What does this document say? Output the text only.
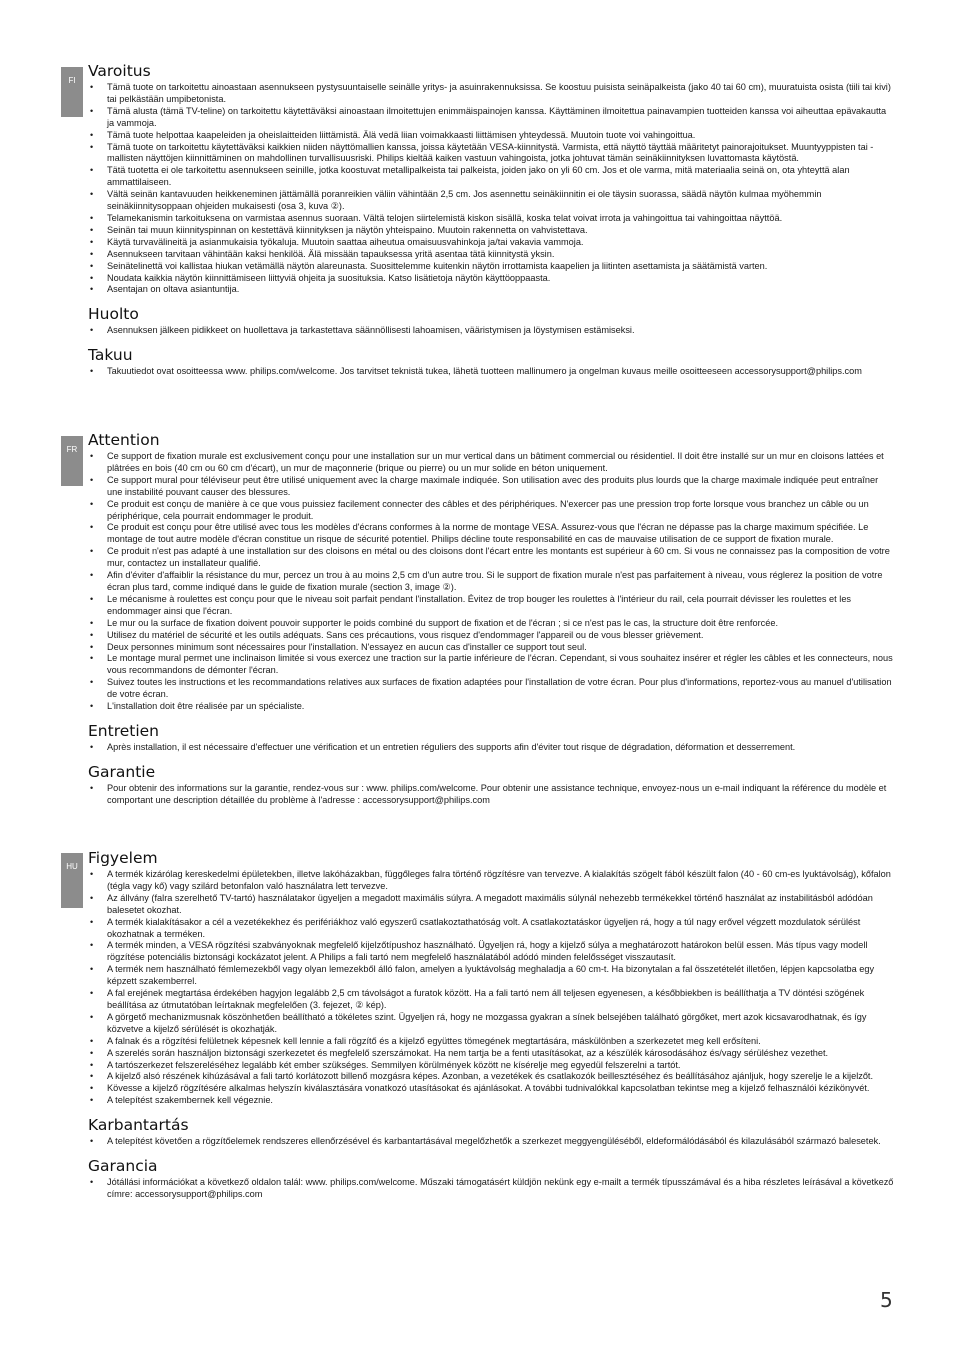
FI
Varoitus
• Tämä tuote on tarkoitettu ainoastaan asennukseen pystysuuntaiselle seinälle yritys- ja asuinrakennuksissa. Se koostuu puisista seinäpalkeista (jako 40 tai 60 cm), muuratuista osista (tiili tai kivi) tai pelkästään umpibetonista.
• Tämä alusta (tämä TV-teline) on tarkoitettu käytettäväksi ainoastaan ilmoitettujen enimmäispainojen kanssa. Käyttäminen ilmoitettua painavampien tuotteiden kanssa voi aiheuttaa epävakautta ja vammoja.
• Tämä tuote helpottaa kaapeleiden ja oheislaitteiden liittämistä. Älä vedä liian voimakkaasti liittämisen yhteydessä. Muutoin tuote voi vahingoittua.
• Tämä tuote on tarkoitettu käytettäväksi kaikkien niiden näyttömallien kanssa, joissa käytetään VESA-kiinnitystä. Varmista, että näyttö täyttää määritetyt painorajoitukset. Muuntyyppisten tai -mallisten näyttöjen kiinnittäminen on mahdollinen turvallisuusriski. Philips kieltää kaiken vastuun vahingoista, jotka johtuvat tämän seinäkiinnityksen luvattomasta käytöstä.
• Tätä tuotetta ei ole tarkoitettu asennukseen seinille, jotka koostuvat metallipalkeista tai palkeista, joiden jako on yli 60 cm. Jos et ole varma, mitä materiaalia seinä on, ota yhteyttä alan ammattilaiseen.
• Vältä seinän kantavuuden heikkeneminen jättämällä poranreikien väliin vähintään 2,5 cm. Jos asennettu seinäkiinnitin ei ole täysin suorassa, säädä näytön kulmaa myöhemmin seinäkiinnitysoppaan ohjeiden mukaisesti (osa 3, kuva ②).
• Telamekanismin tarkoituksena on varmistaa asennus suoraan. Vältä telojen siirtelemistä kiskon sisällä, koska telat voivat irrota ja vahingoittua tai vahingoittaa näyttöä.
• Seinän tai muun kiinnityspinnan on kestettävä kiinnityksen ja näytön yhteispaino. Muutoin rakennetta on vahvistettava.
• Käytä turvavälineitä ja asianmukaisia työkaluja. Muutoin saattaa aiheutua omaisuusvahinkoja ja/tai vakavia vammoja.
• Asennukseen tarvitaan vähintään kaksi henkilöä. Älä missään tapauksessa yritä asentaa tätä kiinnitystä yksin.
• Seinätelinettä voi kallistaa hiukan vetämällä näytön alareunasta. Suosittelemme kuitenkin näytön irrottamista kaapelien ja liitinten asettamista ja säätämistä varten.
• Noudata kaikkia näytön kiinnittämiseen liittyviä ohjeita ja suosituksia. Katso lisätietoja näytön käyttöoppaasta.
• Asentajan on oltava asiantuntija.
Huolto
• Asennuksen jälkeen pidikkeet on huollettava ja tarkastettava säännöllisesti lahoamisen, vääristymisen ja löystymisen estämiseksi.
Takuu
• Takuutiedot ovat osoitteessa www. philips.com/welcome. Jos tarvitset teknistä tukea, lähetä tuotteen mallinumero ja ongelman kuvaus meille osoitteeseen accessorysupport@philips.com
FR
Attention
• Ce support de fixation murale est exclusivement conçu pour une installation sur un mur vertical dans un bâtiment commercial ou résidentiel. Il doit être installé sur un mur en cloisons lattées et plâtrées en bois (40 cm ou 60 cm d'écart), un mur de maçonnerie (brique ou pierre) ou un mur solide en béton uniquement.
• Ce support mural pour téléviseur peut être utilisé uniquement avec la charge maximale indiquée. Son utilisation avec des produits plus lourds que la charge maximale indiquée peut entraîner une instabilité pouvant causer des blessures.
• Ce produit est conçu de manière à ce que vous puissiez facilement connecter des câbles et des périphériques. N'exercer pas une pression trop forte lorsque vous branchez un câble ou un périphérique, cela pourrait endommager le produit.
• Ce produit est conçu pour être utilisé avec tous les modèles d'écrans conformes à la norme de montage VESA. Assurez-vous que l'écran ne dépasse pas la charge maximum spécifiée. Le montage de tout autre modèle d'écran constitue un risque de sécurité potentiel. Philips décline toute responsabilité en cas de mauvaise utilisation de ce support de fixation murale.
• Ce produit n'est pas adapté à une installation sur des cloisons en métal ou des cloisons dont l'écart entre les montants est supérieur à 60 cm. Si vous ne connaissez pas la composition de votre mur, contactez un installateur qualifié.
• Afin d'éviter d'affaiblir la résistance du mur, percez un trou à au moins 2,5 cm d'un autre trou. Si le support de fixation murale n'est pas parfaitement à niveau, vous réglerez la position de votre écran plus tard, comme indiqué dans le guide de fixation murale (section 3, image ②).
• Le mécanisme à roulettes est conçu pour que le niveau soit parfait pendant l'installation. Évitez de trop bouger les roulettes à l'intérieur du rail, cela pourrait dévisser les roulettes et les endommager ainsi que l'écran.
• Le mur ou la surface de fixation doivent pouvoir supporter le poids combiné du support de fixation et de l'écran ; si ce n'est pas le cas, la structure doit être renforcée.
• Utilisez du matériel de sécurité et les outils adéquats. Sans ces précautions, vous risquez d'endommager l'appareil ou de vous blesser grièvement.
• Deux personnes minimum sont nécessaires pour l'installation. N'essayez en aucun cas d'installer ce support tout seul.
• Le montage mural permet une inclinaison limitée si vous exercez une traction sur la partie inférieure de l'écran. Cependant, si vous souhaitez insérer et régler les câbles et les connecteurs, nous vous recommandons de démonter l'écran.
• Suivez toutes les instructions et les recommandations relatives aux surfaces de fixation adaptées pour l'installation de votre écran. Pour plus d'informations, reportez-vous au manuel d'utilisation de votre écran.
• L'installation doit être réalisée par un spécialiste.
Entretien
• Après installation, il est nécessaire d'effectuer une vérification et un entretien réguliers des supports afin d'éviter tout risque de dégradation, déformation et desserrement.
Garantie
• Pour obtenir des informations sur la garantie, rendez-vous sur : www. philips.com/welcome. Pour obtenir une assistance technique, envoyez-nous un e-mail indiquant la référence du modèle et comportant une description détaillée du problème à l'adresse : accessorysupport@philips.com
HU Figyelem
• A termék kizárólag kereskedelmi épületekben, illetve lakóházakban, függőleges falra történő rögzítésre van tervezve. A kialakítás szögelt fából készült falon (40 - 60 cm-es lyuktávolság), kőfalon (tégla vagy kő) vagy szilárd betonfalon való használatra lett tervezve.
• Az állvány (falra szerelhető TV-tartó) használatakor ügyeljen a megadott maximális súlyra. A megadott maximális súlynál nehezebb termékekkel történő használat az instabilitásból adódóan balesetet okozhat.
• A termék kialakításakor a cél a vezetékekhez és perifériákhoz való egyszerű csatlakoztathatóság volt. A csatlakoztatáskor ügyeljen rá, hogy a túl nagy erővel végzett mozdulatok sérülést okozhatnak a terméken.
• A termék minden, a VESA rögzítési szabványoknak megfelelő kijelzőtípushoz használható. Ügyeljen rá, hogy a kijelző súlya a meghatározott határokon belül essen. Más típus vagy modell rögzítése potenciális biztonsági kockázatot jelent. A Philips a fali tartó nem megfelelő használatából adódó minden felelősséget visszautasít.
• A termék nem használható fémlemezekből vagy olyan lemezekből álló falon, amelyen a lyuktávolság meghaladja a 60 cm-t. Ha bizonytalan a fal összetételét illetően, lépjen kapcsolatba egy képzett szakemberrel.
• A fal erejének megtartása érdekében hagyjon legalább 2,5 cm távolságot a furatok között. Ha a fali tartó nem áll teljesen egyenesen, a későbbiekben is beállíthatja a TV döntési szögének beállítása az útmutatóban leírtaknak megfelelően (3. fejezet, ② kép).
• A görgető mechanizmusnak köszönhetően beállítható a tökéletes szint. Ügyeljen rá, hogy ne mozgassa gyakran a sínek belsejében található görgőket, mert azok kicsavarodhatnak, és így közvetve a kijelző sérülését is okozhatják.
• A falnak és a rögzítési felületnek képesnek kell lennie a fali rögzítő és a kijelző együttes tömegének megtartására, máskülönben a szerkezetet meg kell erősíteni.
• A szerelés során használjon biztonsági szerkezetet és megfelelő szerszámokat. Ha nem tartja be a fenti utasításokat, az a készülék károsodásához és/vagy sérüléshez vezethet.
• A tartószerkezet felszereléséhez legalább két ember szükséges. Semmilyen körülmények között ne kísérelje meg egyedül felszerelni a tartót.
• A kijelző alsó részének kihúzásával a fali tartó korlátozott billenő mozgásra képes. Azonban, a vezetékek és csatlakozók beillesztéséhez és beállításához ajánljuk, hogy szerelje le a kijelzőt.
• Kövesse a kijelző rögzítésére alkalmas helyszín kiválasztására vonatkozó utasításokat és ajánlásokat. A további tudnivalókkal kapcsolatban tekintse meg a kijelző felhasználói kézikönyvét.
• A telepítést szakembernek kell végeznie.
Karbantartás
• A telepítést követően a rögzítőelemek rendszeres ellenőrzésével és karbantartásával megelőzhetők a szerkezet meggyengüléséből, eldeformálódásából és kilazulásából származó balesetek.
Garancia
• Jótállási információkat a következő oldalon talál: www. philips.com/welcome. Műszaki támogatásért küldjön nekünk egy e-mailt a termék típusszámával és a hiba részletes leírásával a következő címre: accessorysupport@philips.com
5
